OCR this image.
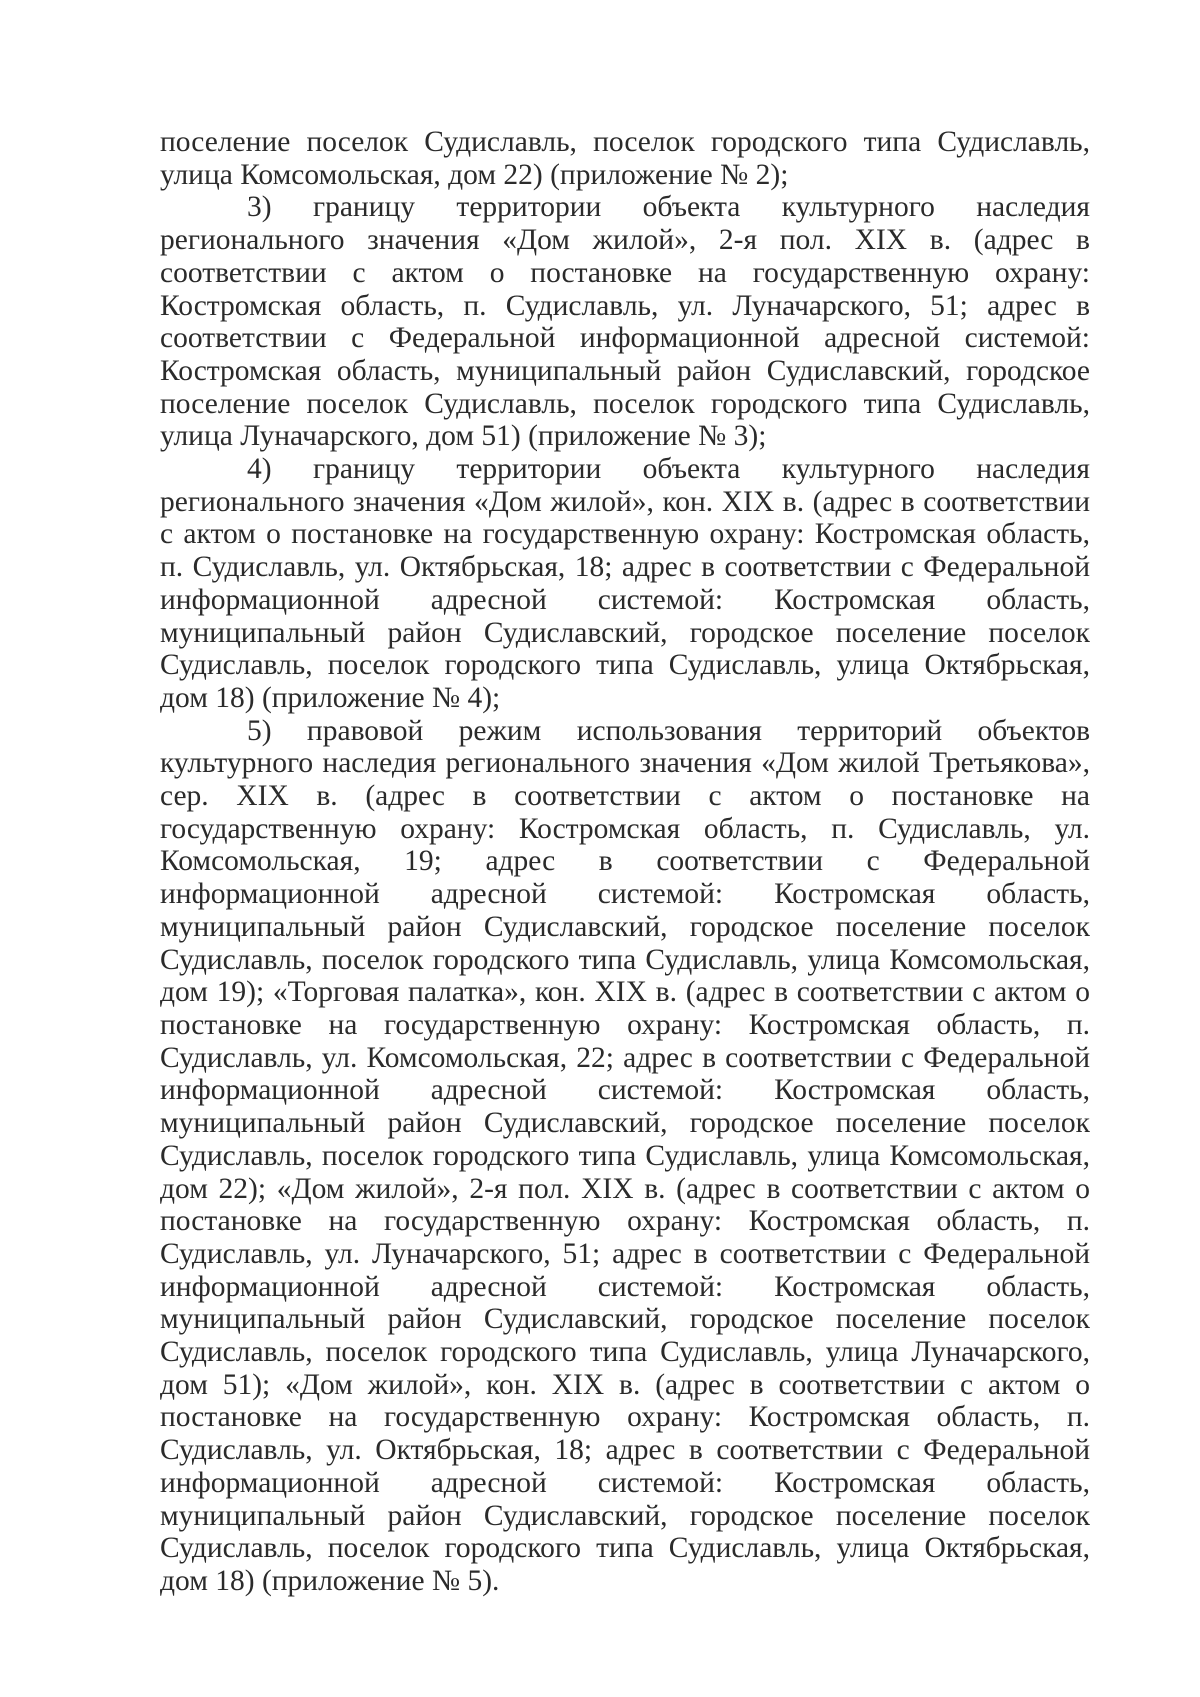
поселение поселок Судиславль, поселок городского типа Судиславль, улица Комсомольская, дом 22) (приложение № 2);

3) границу территории объекта культурного наследия регионального значения «Дом жилой», 2-я пол. XIX в. (адрес в соответствии с актом о постановке на государственную охрану: Костромская область, п. Судиславль, ул. Луначарского, 51; адрес в соответствии с Федеральной информационной адресной системой: Костромская область, муниципальный район Судиславский, городское поселение поселок Судиславль, поселок городского типа Судиславль, улица Луначарского, дом 51) (приложение № 3);

4) границу территории объекта культурного наследия регионального значения «Дом жилой», кон. XIX в. (адрес в соответствии с актом о постановке на государственную охрану: Костромская область, п. Судиславль, ул. Октябрьская, 18; адрес в соответствии с Федеральной информационной адресной системой: Костромская область, муниципальный район Судиславский, городское поселение поселок Судиславль, поселок городского типа Судиславль, улица Октябрьская, дом 18) (приложение № 4);

5) правовой режим использования территорий объектов культурного наследия регионального значения «Дом жилой Третьякова», сер. XIX в. (адрес в соответствии с актом о постановке на государственную охрану: Костромская область, п. Судиславль, ул. Комсомольская, 19; адрес в соответствии с Федеральной информационной адресной системой: Костромская область, муниципальный район Судиславский, городское поселение поселок Судиславль, поселок городского типа Судиславль, улица Комсомольская, дом 19); «Торговая палатка», кон. XIX в. (адрес в соответствии с актом о постановке на государственную охрану: Костромская область, п. Судиславль, ул. Комсомольская, 22; адрес в соответствии с Федеральной информационной адресной системой: Костромская область, муниципальный район Судиславский, городское поселение поселок Судиславль, поселок городского типа Судиславль, улица Комсомольская, дом 22); «Дом жилой», 2-я пол. XIX в. (адрес в соответствии с актом о постановке на государственную охрану: Костромская область, п. Судиславль, ул. Луначарского, 51; адрес в соответствии с Федеральной информационной адресной системой: Костромская область, муниципальный район Судиславский, городское поселение поселок Судиславль, поселок городского типа Судиславль, улица Луначарского, дом 51); «Дом жилой», кон. XIX в. (адрес в соответствии с актом о постановке на государственную охрану: Костромская область, п. Судиславль, ул. Октябрьская, 18; адрес в соответствии с Федеральной информационной адресной системой: Костромская область, муниципальный район Судиславский, городское поселение поселок Судиславль, поселок городского типа Судиславль, улица Октябрьская, дом 18) (приложение № 5).
